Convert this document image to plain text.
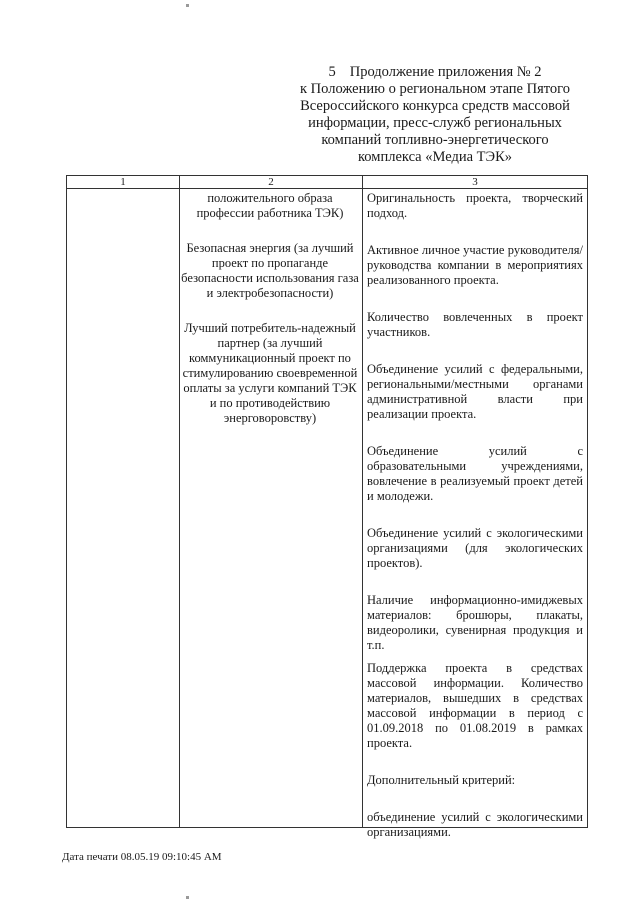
5 Продолжение приложения № 2
к Положению о региональном этапе Пятого
Всероссийского конкурса средств массовой
информации, пресс-служб региональных
компаний топливно-энергетического
комплекса «Медиа ТЭК»
1	2	3
положительного образа профессии работника ТЭК)
Безопасная энергия (за лучший проект по пропаганде безопасности использования газа и электробезопасности)
Лучший потребитель-надежный партнер (за лучший коммуникационный проект по стимулированию своевременной оплаты за услуги компаний ТЭК и по противодействию энерговоровству)
Оригинальность проекта, творческий подход.
Активное личное участие руководителя/руководства компании в мероприятиях реализованного проекта.
Количество вовлеченных в проект участников.
Объединение усилий с федеральными, региональными/местными органами административной власти при реализации проекта.
Объединение усилий с образовательными учреждениями, вовлечение в реализуемый проект детей и молодежи.
Объединение усилий с экологическими организациями (для экологических проектов).
Наличие информационно-имиджевых материалов: брошюры, плакаты, видеоролики, сувенирная продукция и т.п.
Поддержка проекта в средствах массовой информации. Количество материалов, вышедших в средствах массовой информации в период с 01.09.2018 по 01.08.2019 в рамках проекта.
Дополнительный критерий:
объединение усилий с экологическими организациями.
Дата печати 08.05.19 09:10:45 AM
